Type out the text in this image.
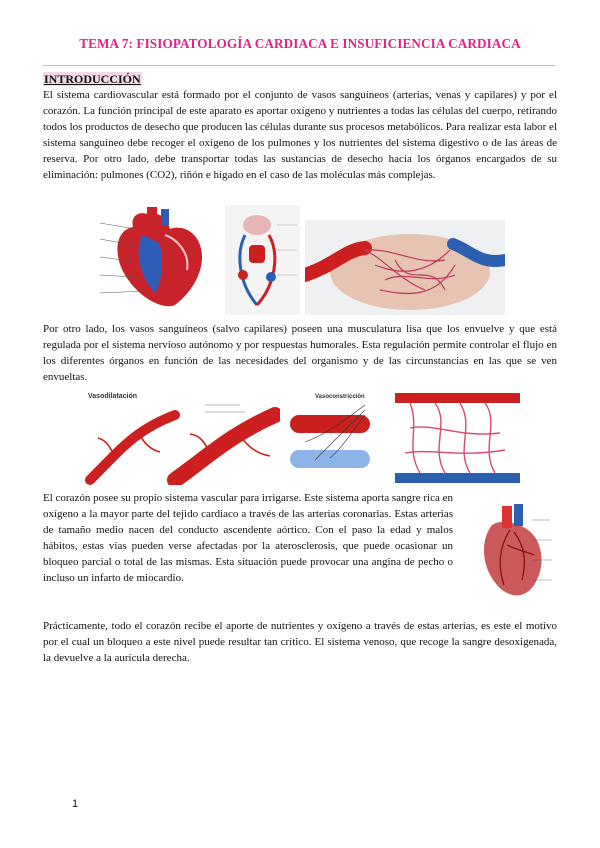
TEMA 7: FISIOPATOLOGÍA CARDIACA E INSUFICIENCIA CARDIACA
INTRODUCCIÓN
El sistema cardiovascular está formado por el conjunto de vasos sanguíneos (arterias, venas y capilares) y por el corazón. La función principal de este aparato es aportar oxígeno y nutrientes a todas las células del cuerpo, retirando todos los productos de desecho que producen las células durante sus procesos metabólicos. Para realizar esta labor el sistema sanguíneo debe recoger el oxígeno de los pulmones y los nutrientes del sistema digestivo o de las áreas de reserva. Por otro lado, debe transportar todas las sustancias de desecho hacia los órganos encargados de su eliminación: pulmones (CO2), riñón e hígado en el caso de las moléculas más complejas.
Por otro lado, los vasos sanguíneos (salvo capilares) poseen una musculatura lisa que los envuelve y que está regulada por el sistema nervioso autónomo y por respuestas humorales. Esta regulación permite controlar el flujo en los diferentes órganos en función de las necesidades del organismo y de las circunstancias en las que se ven envueltas.
Vasodilatación	Vasoconstricción
El corazón posee su propio sistema vascular para irrigarse. Este sistema aporta sangre rica en oxígeno a la mayor parte del tejido cardiaco a través de las arterias coronarias. Estas arterias de tamaño medio nacen del conducto ascendente aórtico. Con el paso la edad y malos hábitos, estas vías pueden verse afectadas por la aterosclerosis, que puede ocasionar un bloqueo parcial o total de las mismas. Esta situación puede provocar una angina de pecho o incluso un infarto de miocardio.
Prácticamente, todo el corazón recibe el aporte de nutrientes y oxígeno a través de estas arterias, es este el motivo por el cual un bloqueo a este nivel puede resultar tan crítico. El sistema venoso, que recoge la sangre desoxigenada, la devuelve a la aurícula derecha.
1
